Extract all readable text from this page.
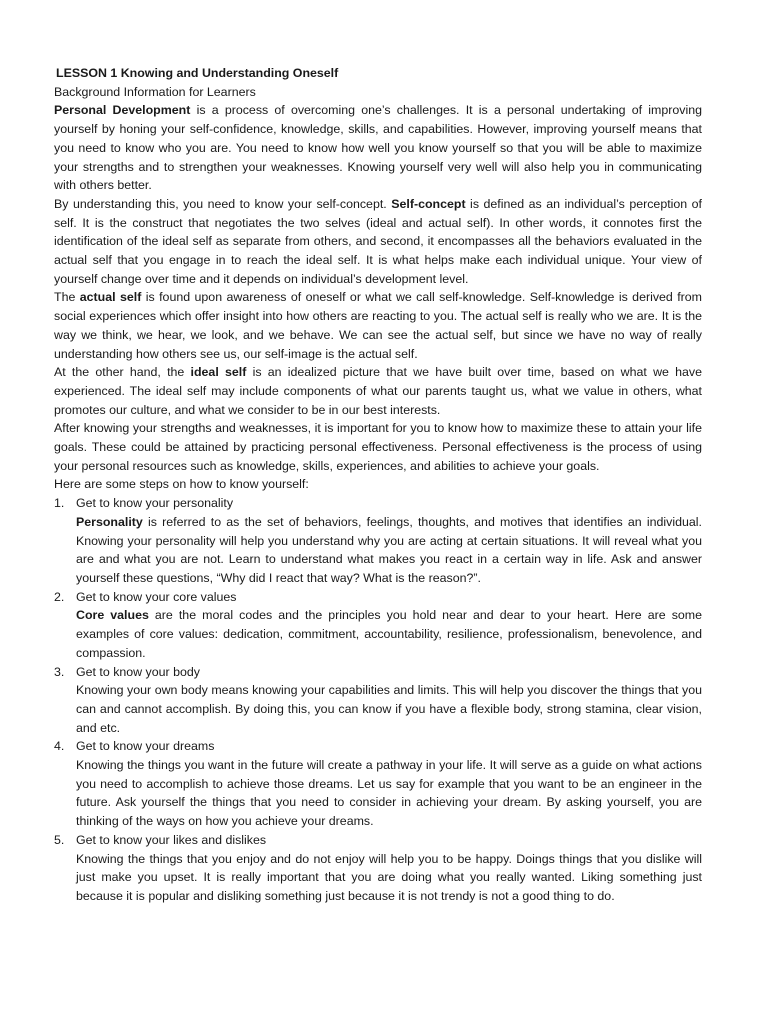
LESSON 1 Knowing and Understanding Oneself
Background Information for Learners

Personal Development is a process of overcoming one’s challenges. It is a personal undertaking of improving yourself by honing your self-confidence, knowledge, skills, and capabilities. However, improving yourself means that you need to know who you are. You need to know how well you know yourself so that you will be able to maximize your strengths and to strengthen your weaknesses. Knowing yourself very well will also help you in communicating with others better.

By understanding this, you need to know your self-concept. Self-concept is defined as an individual’s perception of self. It is the construct that negotiates the two selves (ideal and actual self). In other words, it connotes first the identification of the ideal self as separate from others, and second, it encompasses all the behaviors evaluated in the actual self that you engage in to reach the ideal self. It is what helps make each individual unique. Your view of yourself change over time and it depends on individual’s development level.

The actual self is found upon awareness of oneself or what we call self-knowledge. Self-knowledge is derived from social experiences which offer insight into how others are reacting to you. The actual self is really who we are. It is the way we think, we hear, we look, and we behave. We can see the actual self, but since we have no way of really understanding how others see us, our self-image is the actual self.

At the other hand, the ideal self is an idealized picture that we have built over time, based on what we have experienced. The ideal self may include components of what our parents taught us, what we value in others, what promotes our culture, and what we consider to be in our best interests.

After knowing your strengths and weaknesses, it is important for you to know how to maximize these to attain your life goals. These could be attained by practicing personal effectiveness. Personal effectiveness is the process of using your personal resources such as knowledge, skills, experiences, and abilities to achieve your goals.

Here are some steps on how to know yourself:

1. Get to know your personality
Personality is referred to as the set of behaviors, feelings, thoughts, and motives that identifies an individual. Knowing your personality will help you understand why you are acting at certain situations. It will reveal what you are and what you are not. Learn to understand what makes you react in a certain way in life. Ask and answer yourself these questions, “Why did I react that way? What is the reason?”.
2. Get to know your core values
Core values are the moral codes and the principles you hold near and dear to your heart. Here are some examples of core values: dedication, commitment, accountability, resilience, professionalism, benevolence, and compassion.
3. Get to know your body
Knowing your own body means knowing your capabilities and limits. This will help you discover the things that you can and cannot accomplish. By doing this, you can know if you have a flexible body, strong stamina, clear vision, and etc.
4. Get to know your dreams
Knowing the things you want in the future will create a pathway in your life. It will serve as a guide on what actions you need to accomplish to achieve those dreams. Let us say for example that you want to be an engineer in the future. Ask yourself the things that you need to consider in achieving your dream. By asking yourself, you are thinking of the ways on how you achieve your dreams.
5. Get to know your likes and dislikes
Knowing the things that you enjoy and do not enjoy will help you to be happy. Doings things that you dislike will just make you upset. It is really important that you are doing what you really wanted. Liking something just because it is popular and disliking something just because it is not trendy is not a good thing to do.
